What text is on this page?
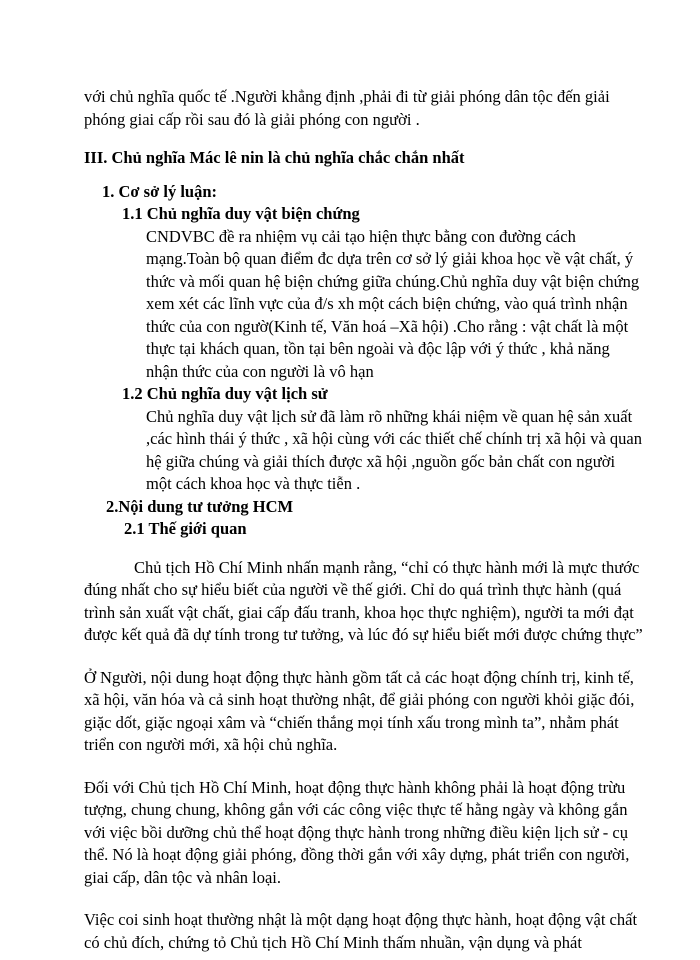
với chủ nghĩa quốc tế .Người khẳng định ,phải đi từ giải phóng dân tộc đến giải phóng giai cấp rồi sau đó là giải phóng con người .

III. Chủ nghĩa Mác lê nin là chủ nghĩa chắc chắn nhất

1. Cơ sở lý luận:

1.1 Chủ nghĩa duy vật biện chứng

CNDVBC đề ra nhiệm vụ cải tạo hiện thực bằng con đường cách mạng.Toàn bộ quan điểm đc dựa trên cơ sở lý giải khoa học về vật chất, ý thức và mối quan hệ biện chứng giữa chúng.Chủ nghĩa duy vật biện chứng xem xét các lĩnh vực của đ/s xh một cách biện chứng, vào quá trình nhận thức của con ngườ(Kinh tế, Văn hoá –Xã hội) .Cho rằng : vật chất là một thực tại khách quan, tồn tại bên ngoài và độc lập với ý thức , khả năng nhận thức của con người là vô hạn

1.2 Chủ nghĩa duy vật lịch sử

Chủ nghĩa duy vật lịch sử đã làm rõ những khái niệm về quan hệ sản xuất ,các hình thái ý thức , xã hội cùng với các thiết chế chính trị xã hội và quan hệ giữa chúng và giải thích được xã hội ,nguồn gốc bản chất con người một cách khoa học và thực tiễn .

2.Nội dung tư tưởng HCM

2.1 Thế giới quan

Chủ tịch Hồ Chí Minh nhấn mạnh rằng, “chỉ có thực hành mới là mực thước đúng nhất cho sự hiểu biết của người về thế giới. Chỉ do quá trình thực hành (quá trình sản xuất vật chất, giai cấp đấu tranh, khoa học thực nghiệm), người ta mới đạt được kết quả đã dự tính trong tư tưởng, và lúc đó sự hiểu biết mới được chứng thực”

Ở Người, nội dung hoạt động thực hành gồm tất cả các hoạt động chính trị, kinh tế, xã hội, văn hóa và cả sinh hoạt thường nhật, để giải phóng con người khỏi giặc đói, giặc dốt, giặc ngoại xâm và “chiến thắng mọi tính xấu trong mình ta”, nhằm phát triển con người mới, xã hội chủ nghĩa.

Đối với Chủ tịch Hồ Chí Minh, hoạt động thực hành không phải là hoạt động trừu tượng, chung chung, không gắn với các công việc thực tế hằng ngày và không gắn với việc bồi dưỡng chủ thể hoạt động thực hành trong những điều kiện lịch sử - cụ thể. Nó là hoạt động giải phóng, đồng thời gắn với xây dựng, phát triển con người, giai cấp, dân tộc và nhân loại.

Việc coi sinh hoạt thường nhật là một dạng hoạt động thực hành, hoạt động vật chất có chủ đích, chứng tỏ Chủ tịch Hồ Chí Minh thấm nhuần, vận dụng và phát
